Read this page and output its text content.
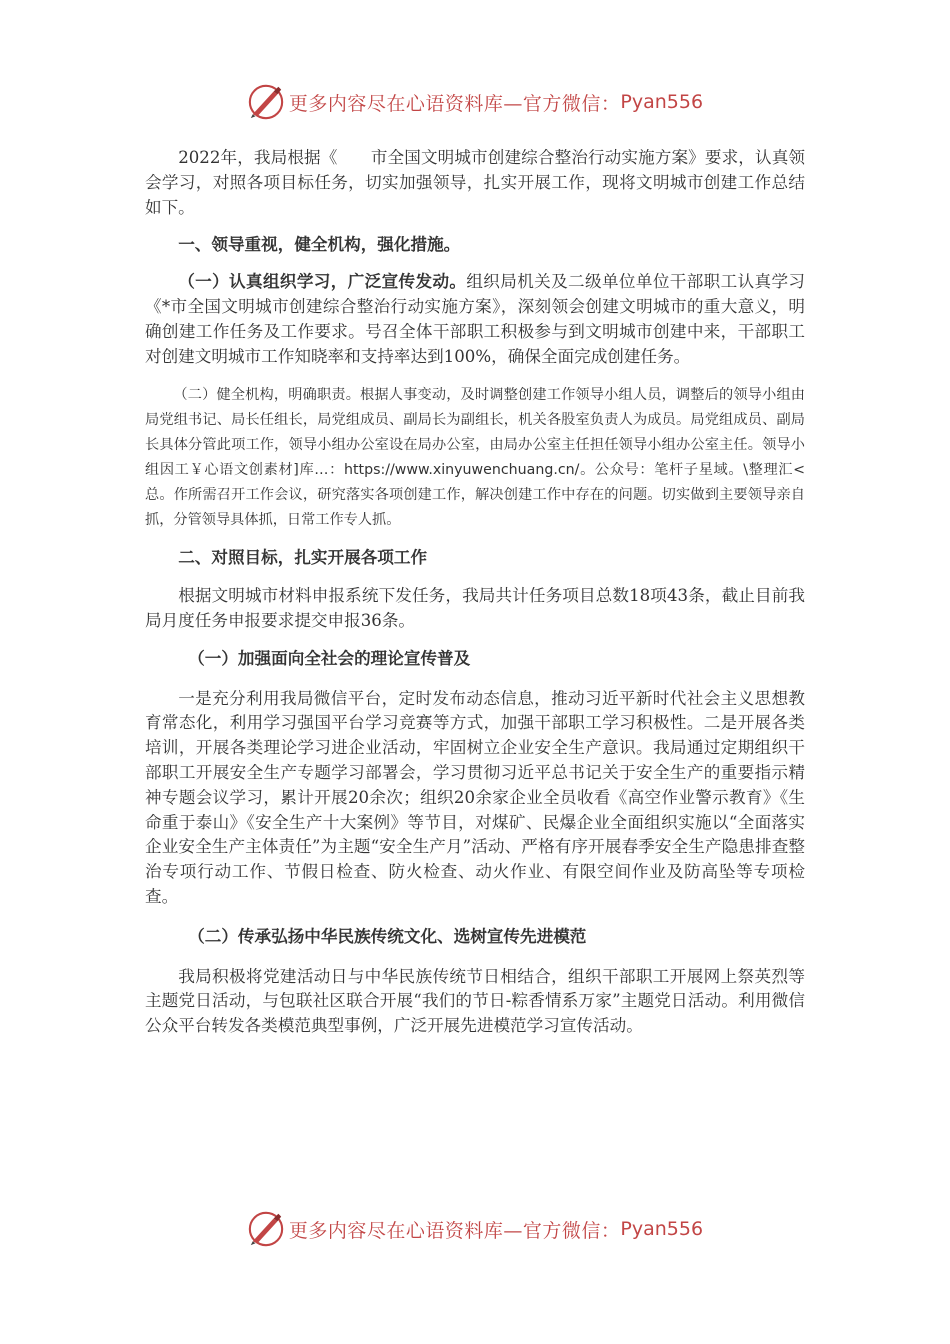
更多内容尽在心语资料库—官方微信： Pyan556

2022年，我局根据《　　市全国文明城市创建综合整治行动实施方案》要求，认真领会学习，对照各项目标任务，切实加强领导，扎实开展工作，现将文明城市创建工作总结如下。

一、领导重视，健全机构，强化措施。

（一）认真组织学习，广泛宣传发动。组织局机关及二级单位单位干部职工认真学习《*市全国文明城市创建综合整治行动实施方案》，深刻领会创建文明城市的重大意义，明确创建工作任务及工作要求。号召全体干部职工积极参与到文明城市创建中来，干部职工对创建文明城市工作知晓率和支持率达到100%，确保全面完成创建任务。

（二）健全机构，明确职责。根据人事变动，及时调整创建工作领导小组人员，调整后的领导小组由局党组书记、局长任组长，局党组成员、副局长为副组长，机关各股室负责人为成员。局党组成员、副局长具体分管此项工作，领导小组办公室设在局办公室，由局办公室主任担任领导小组办公室主任。领导小组因工￥心语文创素材]库…：https://www.xinyuwenchuang.cn/。公众号：笔杆子星域。\整理汇<总。作所需召开工作会议，研究落实各项创建工作，解决创建工作中存在的问题。切实做到主要领导亲自抓，分管领导具体抓，日常工作专人抓。

二、对照目标，扎实开展各项工作

根据文明城市材料申报系统下发任务，我局共计任务项目总数18项43条，截止目前我局月度任务申报要求提交申报36条。

（一）加强面向全社会的理论宣传普及

一是充分利用我局微信平台，定时发布动态信息，推动习近平新时代社会主义思想教育常态化，利用学习强国平台学习竞赛等方式，加强干部职工学习积极性。二是开展各类培训，开展各类理论学习进企业活动，牢固树立企业安全生产意识。我局通过定期组织干部职工开展安全生产专题学习部署会，学习贯彻习近平总书记关于安全生产的重要指示精神专题会议学习，累计开展20余次；组织20余家企业全员收看《高空作业警示教育》《生命重于泰山》《安全生产十大案例》等节目，对煤矿、民爆企业全面组织实施以“全面落实企业安全生产主体责任”为主题“安全生产月”活动、严格有序开展春季安全生产隐患排查整治专项行动工作、节假日检查、防火检查、动火作业、有限空间作业及防高坠等专项检查。

（二）传承弘扬中华民族传统文化、选树宣传先进模范

我局积极将党建活动日与中华民族传统节日相结合，组织干部职工开展网上祭英烈等主题党日活动，与包联社区联合开展“我们的节日-粽香情系万家”主题党日活动。利用微信公众平台转发各类模范典型事例，广泛开展先进模范学习宣传活动。

更多内容尽在心语资料库—官方微信： Pyan556
